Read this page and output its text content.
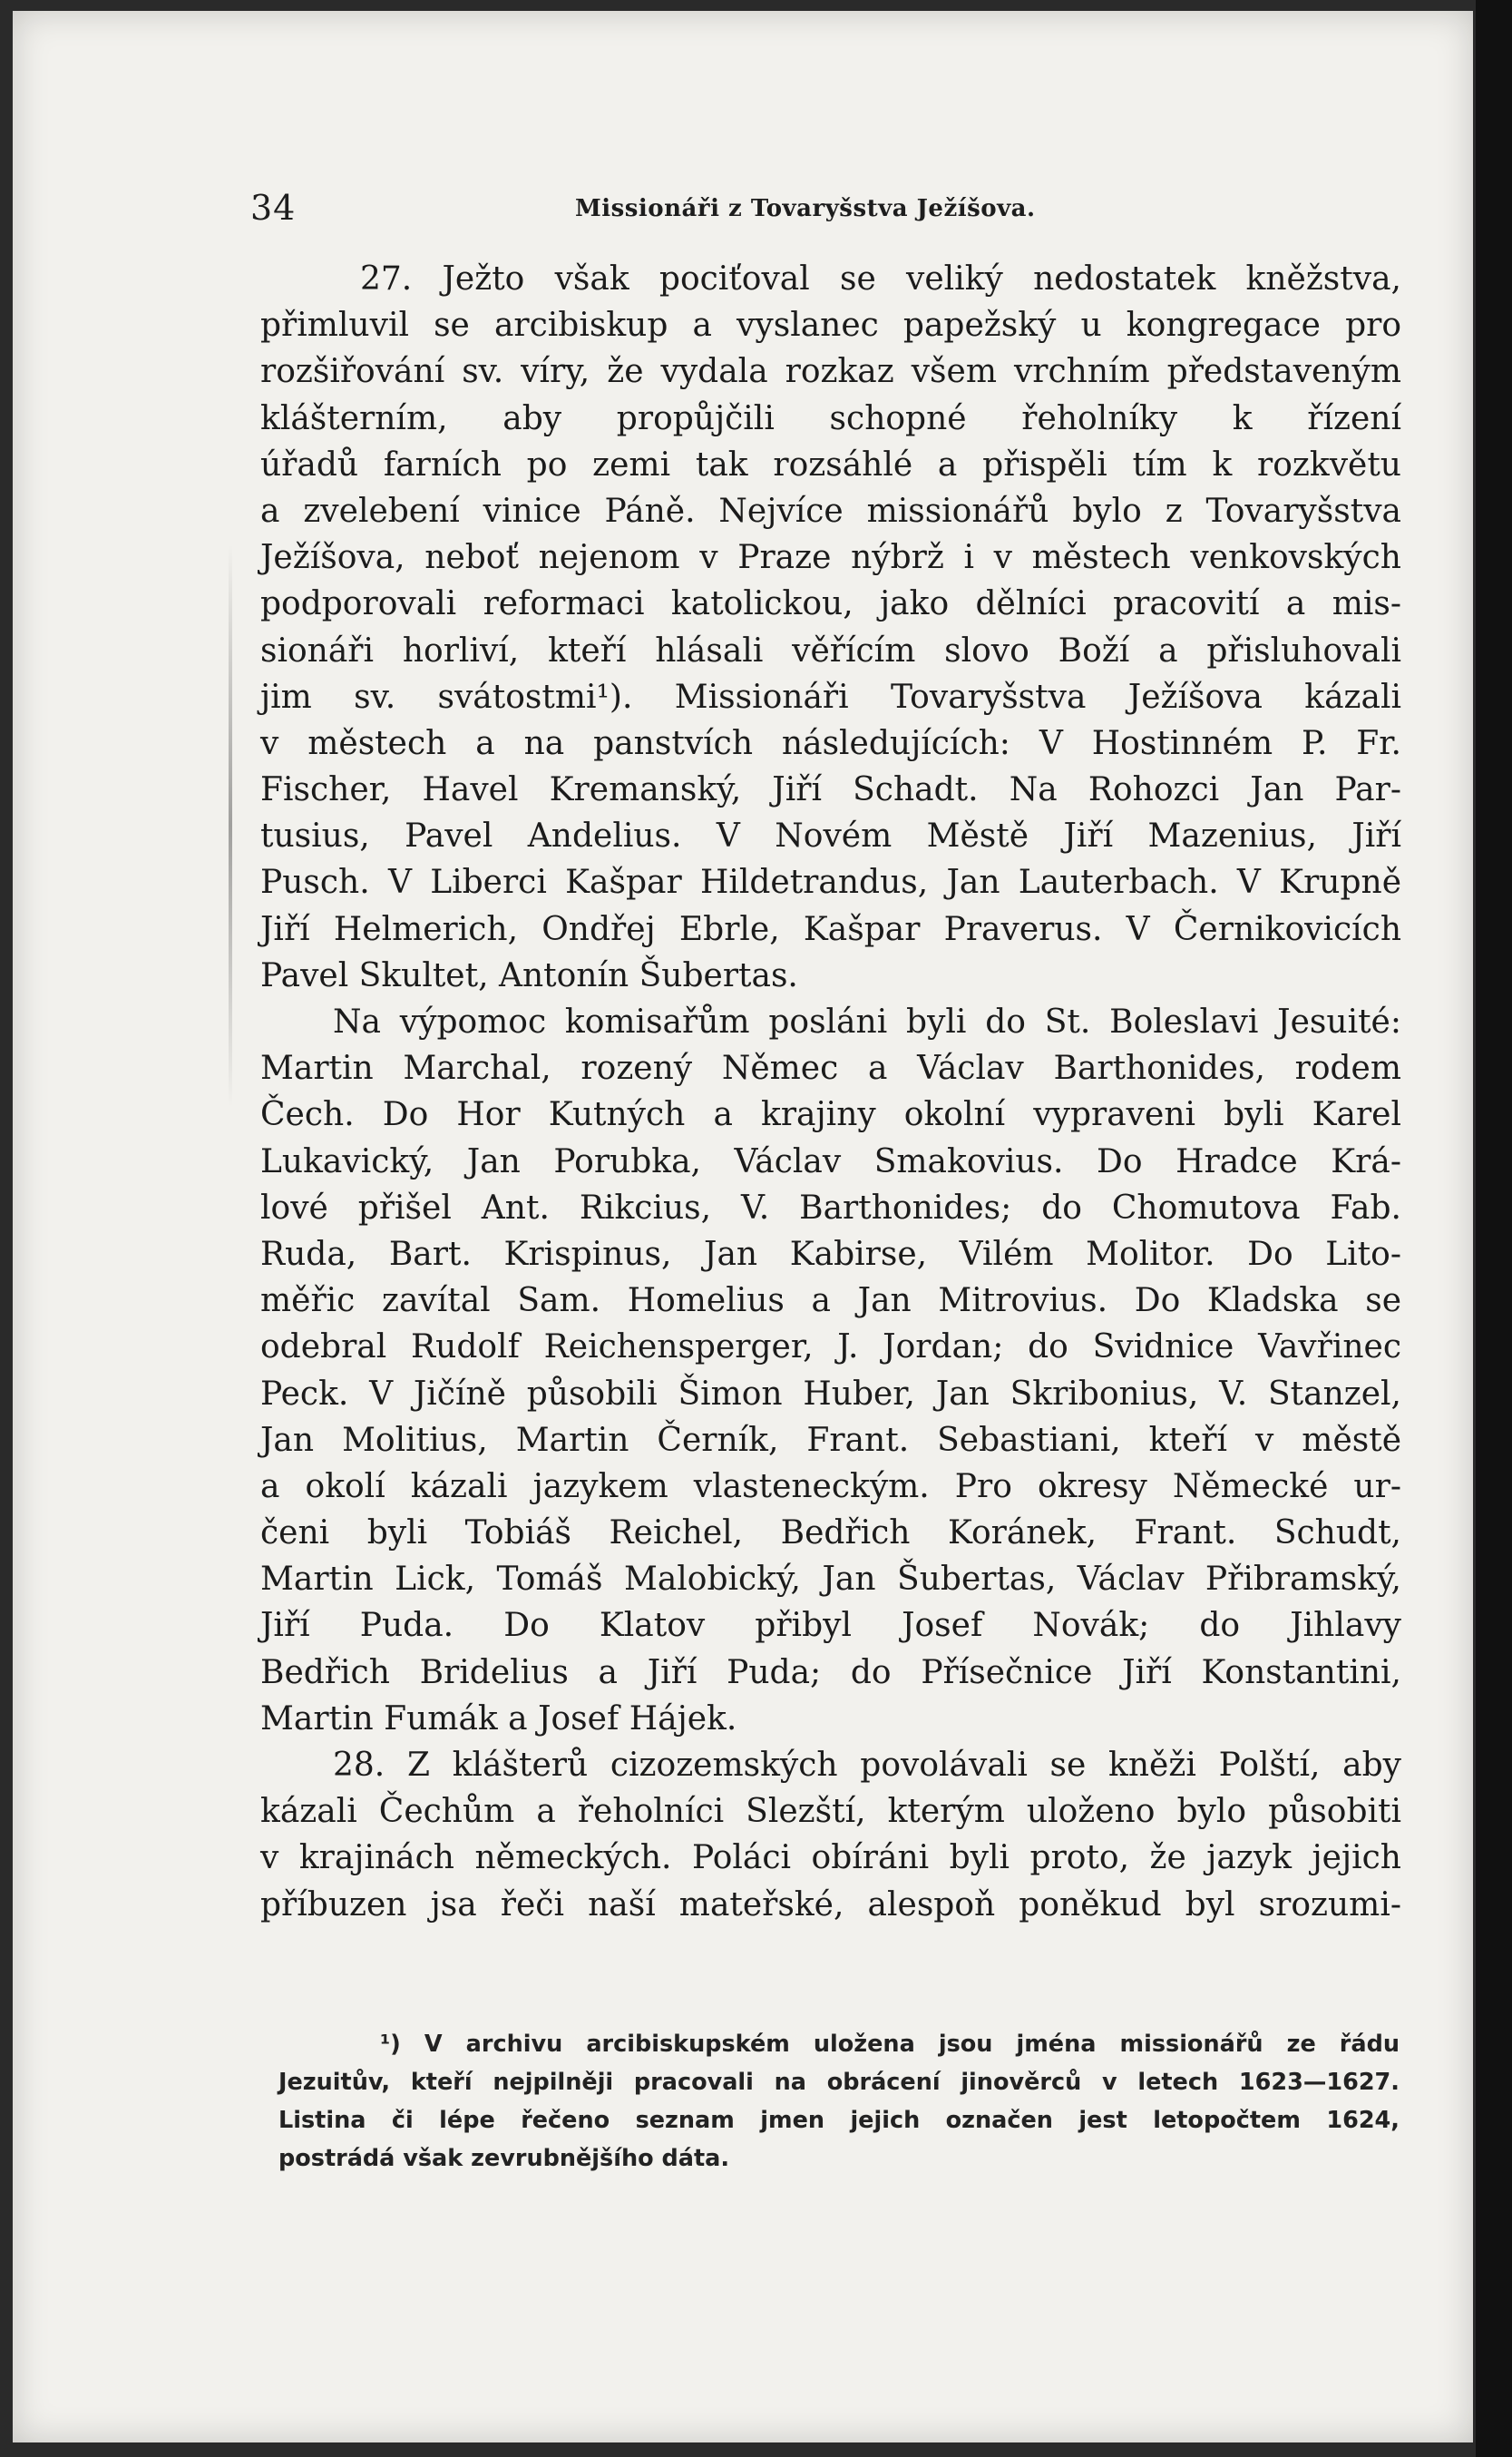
34	Missionáři z Tovaryšstva Ježíšova.
27. Ježto však pociťoval se veliký nedostatek kněžstva,
přimluvil se arcibiskup a vyslanec papežský u kongregace pro
rozšiřování sv. víry, že vydala rozkaz všem vrchním představeným
klášterním, aby propůjčili schopné řeholníky k řízení
úřadů farních po zemi tak rozsáhlé a přispěli tím k rozkvětu
a zvelebení vinice Páně. Nejvíce missionářů bylo z Tovaryšstva
Ježíšova, neboť nejenom v Praze nýbrž i v městech venkovských
podporovali reformaci katolickou, jako dělníci pracovití a mis-
sionáři horliví, kteří hlásali věřícím slovo Boží a přisluhovali
jim sv. svátostmi¹). Missionáři Tovaryšstva Ježíšova kázali
v městech a na panstvích následujících: V Hostinném P. Fr.
Fischer, Havel Kremanský, Jiří Schadt. Na Rohozci Jan Par-
tusius, Pavel Andelius. V Novém Městě Jiří Mazenius, Jiří
Pusch. V Liberci Kašpar Hildetrandus, Jan Lauterbach. V Krupně
Jiří Helmerich, Ondřej Ebrle, Kašpar Praverus. V Černikovicích
Pavel Skultet, Antonín Šubertas.
Na výpomoc komisařům posláni byli do St. Boleslavi Jesuité:
Martin Marchal, rozený Němec a Václav Barthonides, rodem
Čech. Do Hor Kutných a krajiny okolní vypraveni byli Karel
Lukavický, Jan Porubka, Václav Smakovius. Do Hradce Krá-
lové přišel Ant. Rikcius, V. Barthonides; do Chomutova Fab.
Ruda, Bart. Krispinus, Jan Kabirse, Vilém Molitor. Do Lito-
měřic zavítal Sam. Homelius a Jan Mitrovius. Do Kladska se
odebral Rudolf Reichensperger, J. Jordan; do Svidnice Vavřinec
Peck. V Jičíně působili Šimon Huber, Jan Skribonius, V. Stanzel,
Jan Molitius, Martin Černík, Frant. Sebastiani, kteří v městě
a okolí kázali jazykem vlasteneckým. Pro okresy Německé ur-
čeni byli Tobiáš Reichel, Bedřich Koránek, Frant. Schudt,
Martin Lick, Tomáš Malobický, Jan Šubertas, Václav Přibramský,
Jiří Puda. Do Klatov přibyl Josef Novák; do Jihlavy
Bedřich Bridelius a Jiří Puda; do Přísečnice Jiří Konstantini,
Martin Fumák a Josef Hájek.
28. Z klášterů cizozemských povolávali se kněži Polští, aby
kázali Čechům a řeholníci Slezští, kterým uloženo bylo působiti
v krajinách německých. Poláci obíráni byli proto, že jazyk jejich
příbuzen jsa řeči naší mateřské, alespoň poněkud byl srozumi-
¹) V archivu arcibiskupském uložena jsou jména missionářů ze řádu
Jezuitův, kteří nejpilněji pracovali na obrácení jinověrců v letech 1623—1627.
Listina či lépe řečeno seznam jmen jejich označen jest letopočtem 1624,
postrádá však zevrubnějšího dáta.
